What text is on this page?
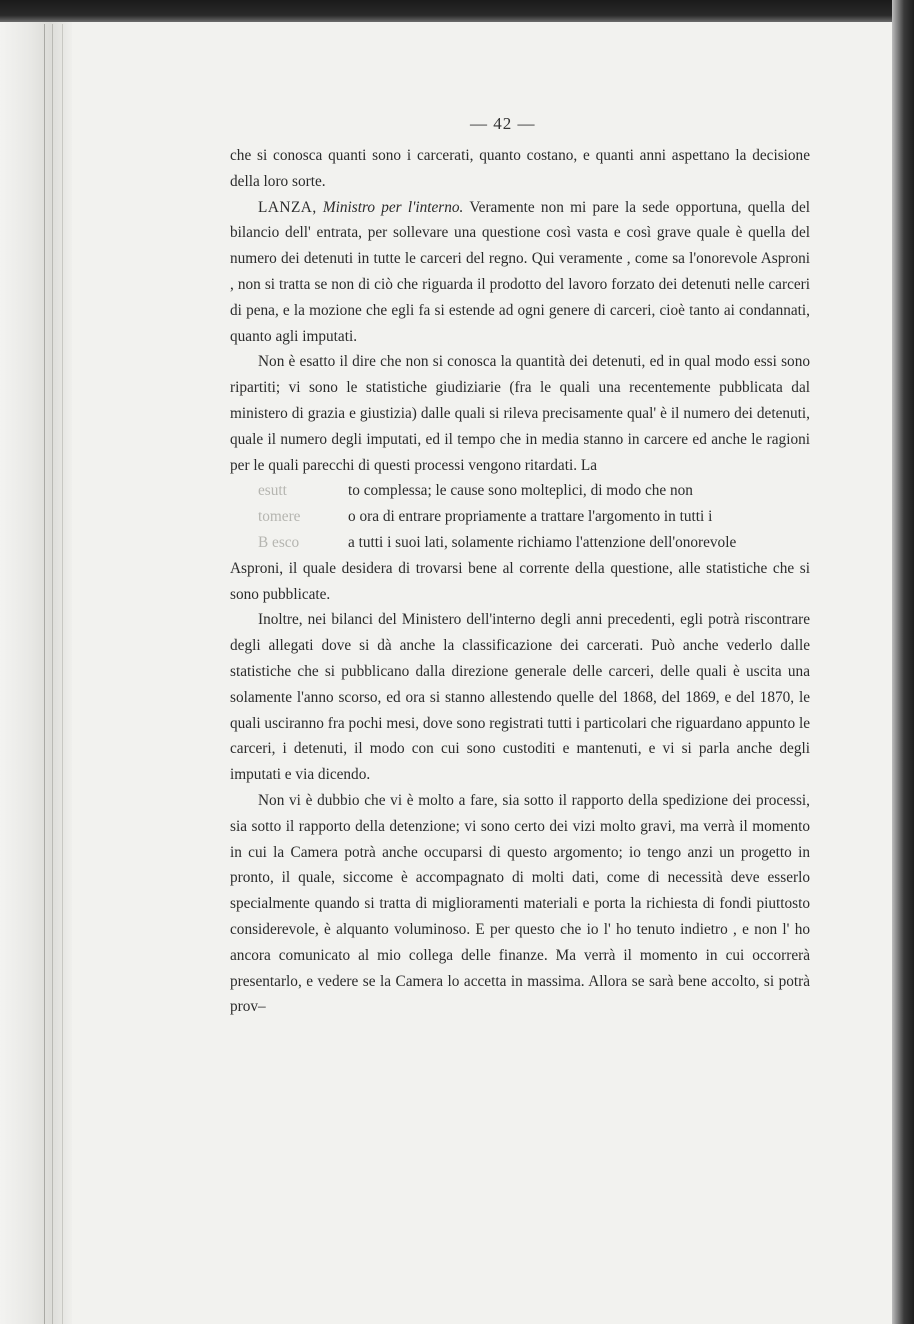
— 42 —

che si conosca quanti sono i carcerati, quanto costano, e quanti anni aspettano la decisione della loro sorte.

LANZA, Ministro per l'interno. Veramente non mi pare la sede opportuna, quella del bilancio dell' entrata, per sollevare una questione così vasta e così grave quale è quella del numero dei detenuti in tutte le carceri del regno. Qui veramente , come sa l'onorevole Asproni , non si tratta se non di ciò che riguarda il prodotto del lavoro forzato dei detenuti nelle carceri di pena, e la mozione che egli fa si estende ad ogni genere di carceri, cioè tanto ai condannati, quanto agli imputati.

Non è esatto il dire che non si conosca la quantità dei detenuti, ed in qual modo essi sono ripartiti; vi sono le statistiche giudiziarie (fra le quali una recentemente pubblicata dal ministero di grazia e giustizia) dalle quali si rileva precisamente qual' è il numero dei detenuti, quale il numero degli imputati, ed il tempo che in media stanno in carcere ed anche le ragioni per le quali parecchi di questi processi vengono ritardati. La
esutt	to complessa; le cause sono molteplici, di modo che non
tomere	o ora di entrare propriamente a trattare l'argomento in tutti i
B esco	a tutti i suoi lati, solamente richiamo l'attenzione dell'onorevole
Asproni, il quale desidera di trovarsi bene al corrente della questione, alle statistiche che si sono pubblicate.

Inoltre, nei bilanci del Ministero dell'interno degli anni precedenti, egli potrà riscontrare degli allegati dove si dà anche la classificazione dei carcerati. Può anche vederlo dalle statistiche che si pubblicano dalla direzione generale delle carceri, delle quali è uscita una solamente l'anno scorso, ed ora si stanno allestendo quelle del 1868, del 1869, e del 1870, le quali usciranno fra pochi mesi, dove sono registrati tutti i particolari che riguardano appunto le carceri, i detenuti, il modo con cui sono custoditi e mantenuti, e vi si parla anche degli imputati e via dicendo.

Non vi è dubbio che vi è molto a fare, sia sotto il rapporto della spedizione dei processi, sia sotto il rapporto della detenzione; vi sono certo dei vizi molto gravi, ma verrà il momento in cui la Camera potrà anche occuparsi di questo argomento; io tengo anzi un progetto in pronto, il quale, siccome è accompagnato di molti dati, come di necessità deve esserlo specialmente quando si tratta di miglioramenti materiali e porta la richiesta di fondi piuttosto considerevole, è alquanto voluminoso. E per questo che io l' ho tenuto indietro , e non l' ho ancora comunicato al mio collega delle finanze. Ma verrà il momento in cui occorrerà presentarlo, e vedere se la Camera lo accetta in massima. Allora se sarà bene accolto, si potrà prov–
